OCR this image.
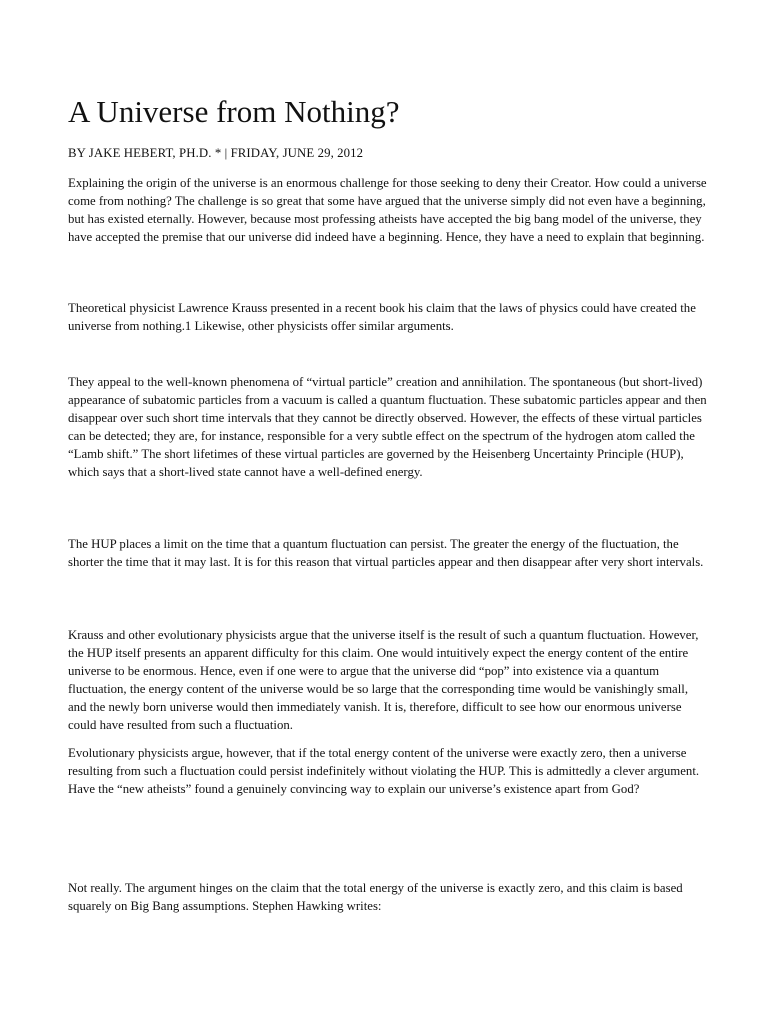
A Universe from Nothing?
BY JAKE HEBERT, PH.D. * | FRIDAY, JUNE 29, 2012

Explaining the origin of the universe is an enormous challenge for those seeking to deny their Creator. How could a universe come from nothing? The challenge is so great that some have argued that the universe simply did not even have a beginning, but has existed eternally. However, because most professing atheists have accepted the big bang model of the universe, they have accepted the premise that our universe did indeed have a beginning. Hence, they have a need to explain that beginning.

Theoretical physicist Lawrence Krauss presented in a recent book his claim that the laws of physics could have created the universe from nothing.1 Likewise, other physicists offer similar arguments.

They appeal to the well-known phenomena of “virtual particle” creation and annihilation. The spontaneous (but short-lived) appearance of subatomic particles from a vacuum is called a quantum fluctuation. These subatomic particles appear and then disappear over such short time intervals that they cannot be directly observed. However, the effects of these virtual particles can be detected; they are, for instance, responsible for a very subtle effect on the spectrum of the hydrogen atom called the “Lamb shift.” The short lifetimes of these virtual particles are governed by the Heisenberg Uncertainty Principle (HUP), which says that a short-lived state cannot have a well-defined energy.

The HUP places a limit on the time that a quantum fluctuation can persist. The greater the energy of the fluctuation, the shorter the time that it may last. It is for this reason that virtual particles appear and then disappear after very short intervals.

Krauss and other evolutionary physicists argue that the universe itself is the result of such a quantum fluctuation. However, the HUP itself presents an apparent difficulty for this claim. One would intuitively expect the energy content of the entire universe to be enormous. Hence, even if one were to argue that the universe did “pop” into existence via a quantum fluctuation, the energy content of the universe would be so large that the corresponding time would be vanishingly small, and the newly born universe would then immediately vanish. It is, therefore, difficult to see how our enormous universe could have resulted from such a fluctuation.

Evolutionary physicists argue, however, that if the total energy content of the universe were exactly zero, then a universe resulting from such a fluctuation could persist indefinitely without violating the HUP. This is admittedly a clever argument. Have the “new atheists” found a genuinely convincing way to explain our universe’s existence apart from God?

Not really. The argument hinges on the claim that the total energy of the universe is exactly zero, and this claim is based squarely on Big Bang assumptions. Stephen Hawking writes:
